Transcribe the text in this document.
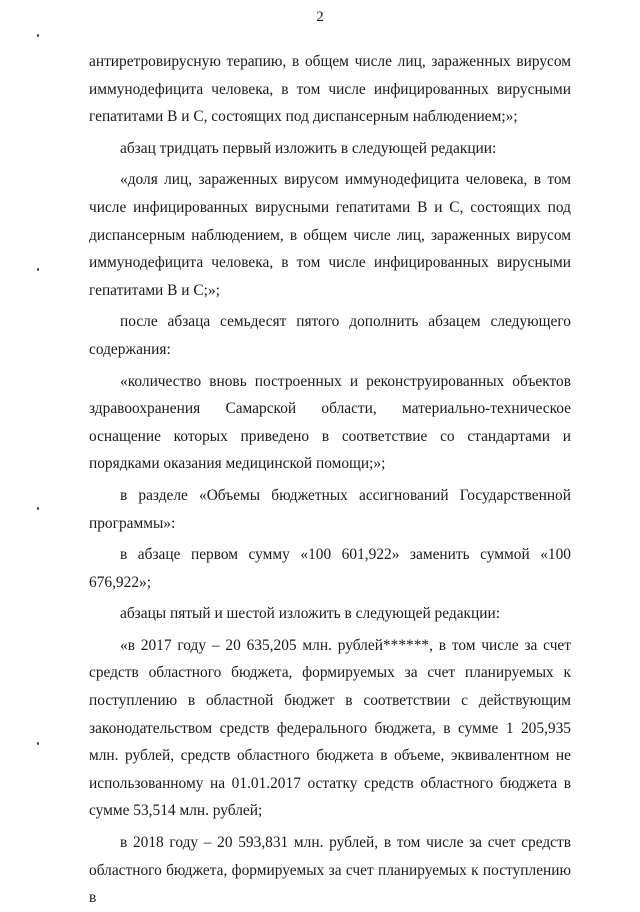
2

антиретровирусную терапию, в общем числе лиц, зараженных вирусом иммунодефицита человека, в том числе инфицированных вирусными гепатитами В и С, состоящих под диспансерным наблюдением;»;

абзац тридцать первый изложить в следующей редакции:

«доля лиц, зараженных вирусом иммунодефицита человека, в том числе инфицированных вирусными гепатитами В и С, состоящих под диспансерным наблюдением, в общем числе лиц, зараженных вирусом иммунодефицита человека, в том числе инфицированных вирусными гепатитами В и С;»;

после абзаца семьдесят пятого дополнить абзацем следующего содержания:

«количество вновь построенных и реконструированных объектов здравоохранения Самарской области, материально-техническое оснащение которых приведено в соответствие со стандартами и порядками оказания медицинской помощи;»;

в разделе «Объемы бюджетных ассигнований Государственной программы»:

в абзаце первом сумму «100 601,922» заменить суммой «100 676,922»;

абзацы пятый и шестой изложить в следующей редакции:

«в 2017 году – 20 635,205 млн. рублей******, в том числе за счет средств областного бюджета, формируемых за счет планируемых к поступлению в областной бюджет в соответствии с действующим законодательством средств федерального бюджета, в сумме 1 205,935 млн. рублей, средств областного бюджета в объеме, эквивалентном не использованному на 01.01.2017 остатку средств областного бюджета в сумме 53,514 млн. рублей;

в 2018 году – 20 593,831 млн. рублей, в том числе за счет средств областного бюджета, формируемых за счет планируемых к поступлению в
